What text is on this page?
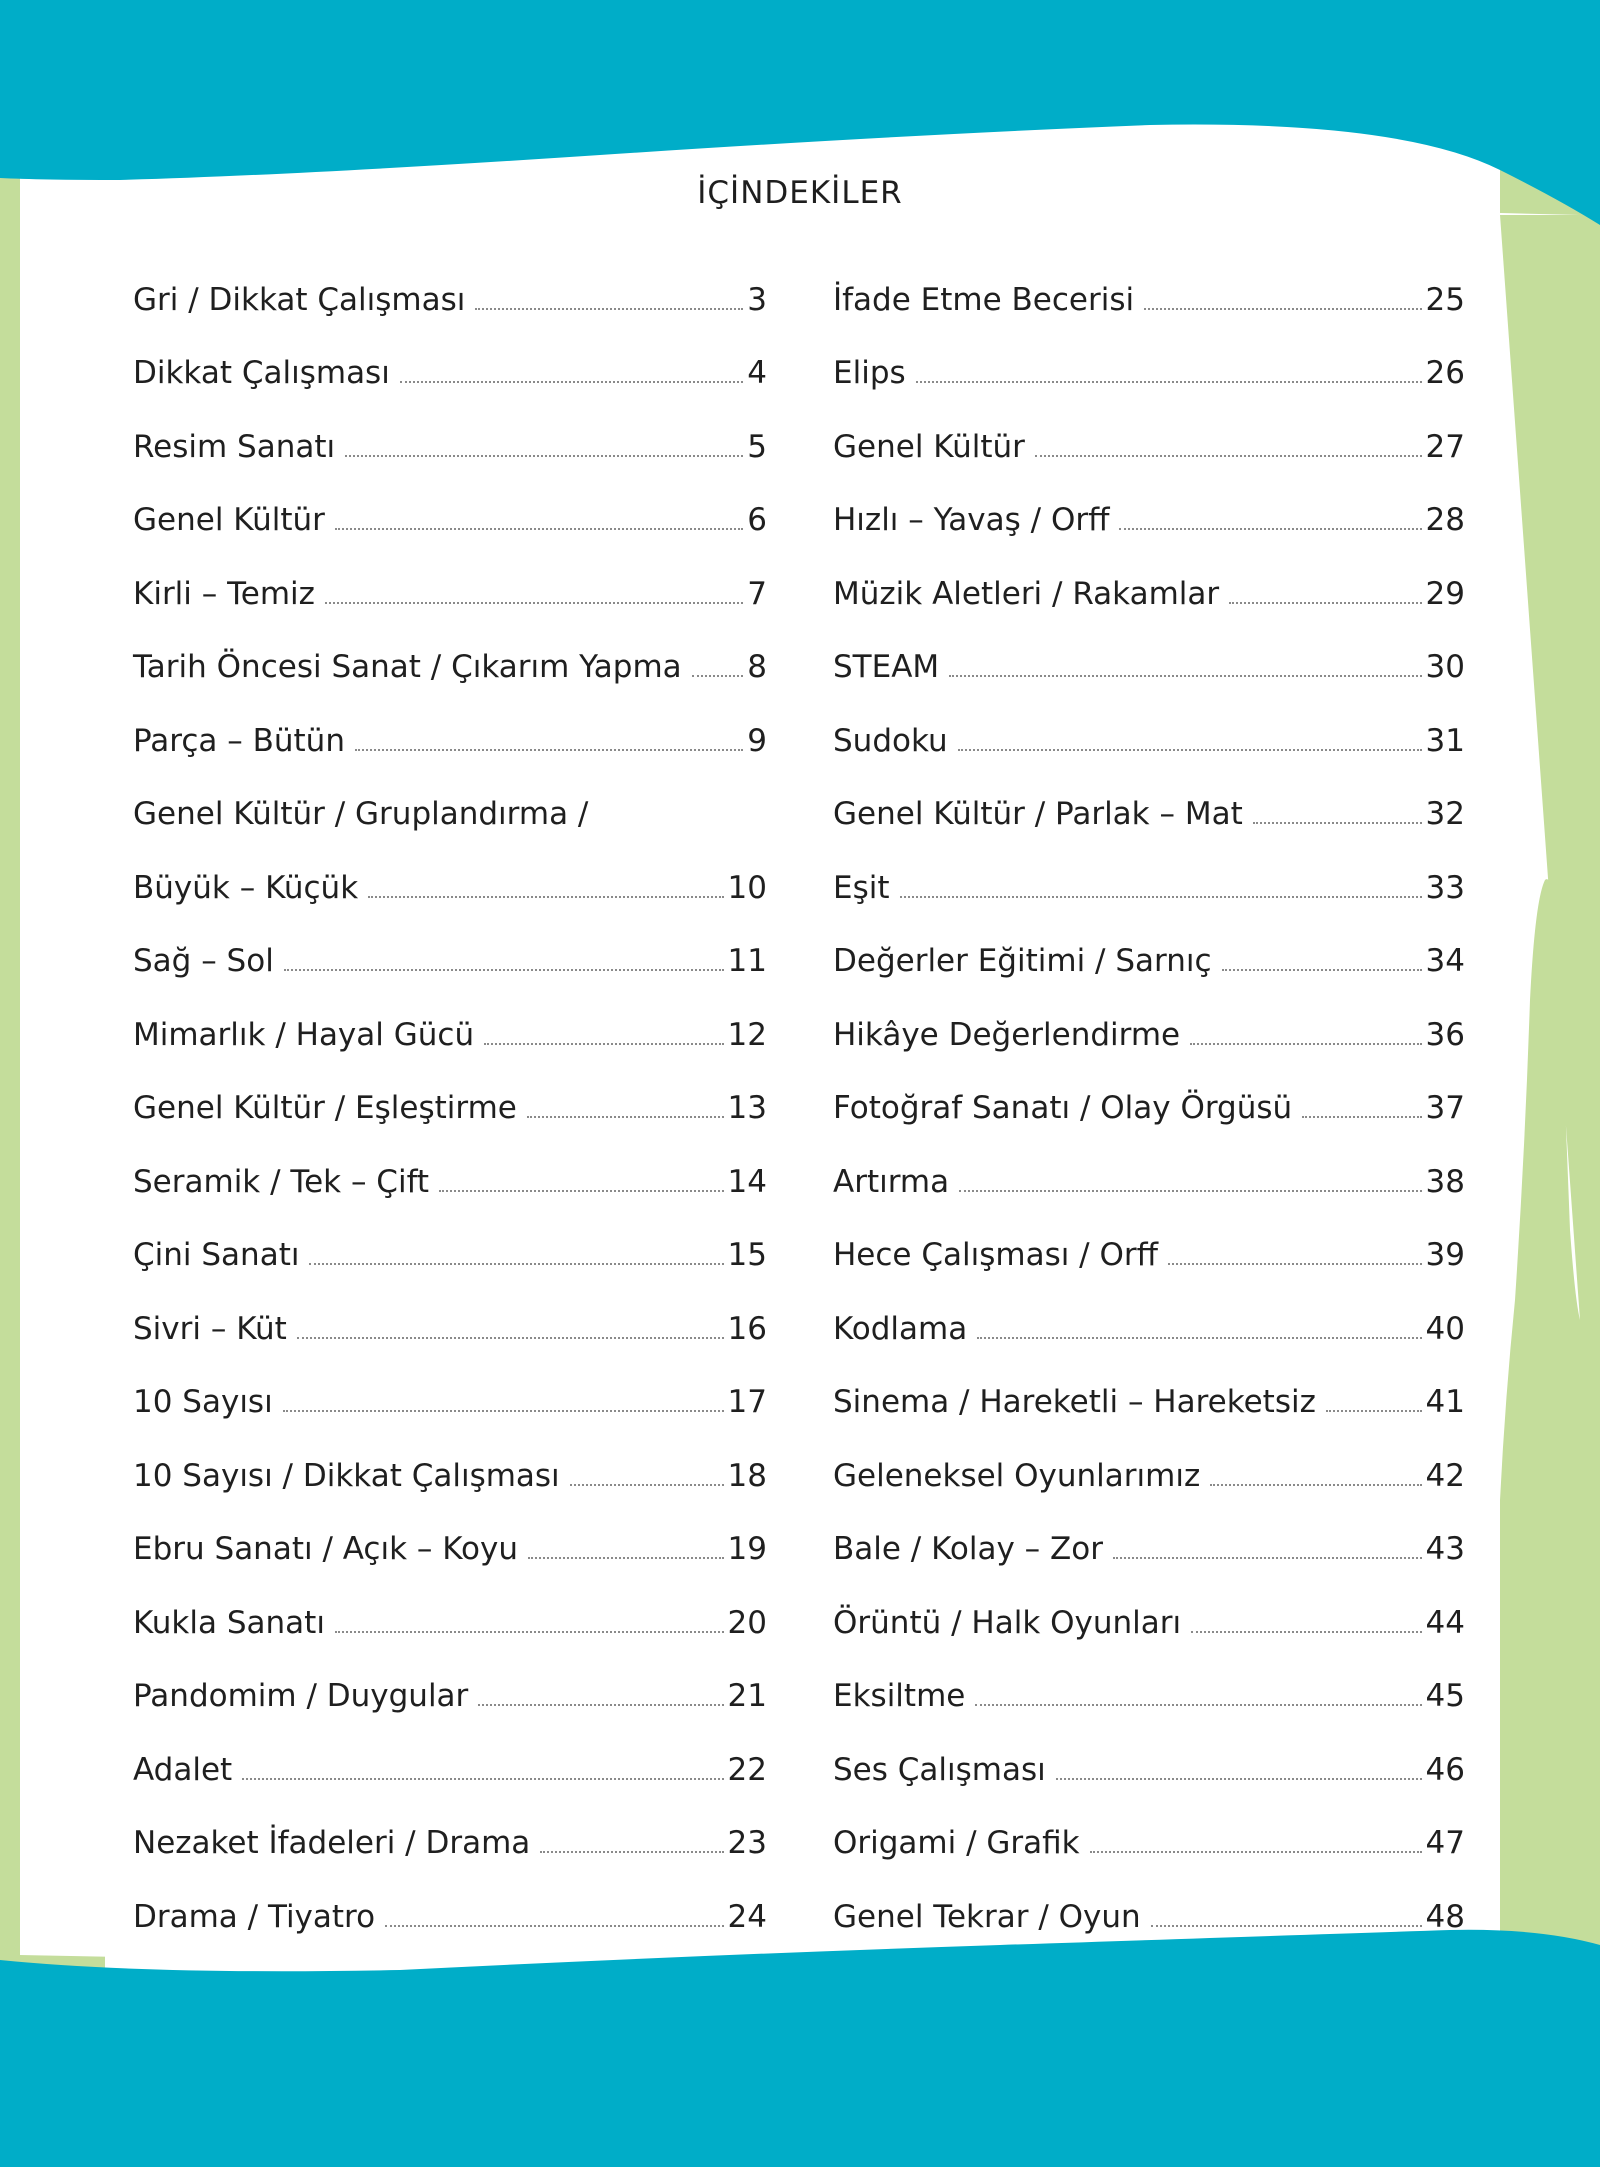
İÇİNDEKİLER
Gri / Dikkat Çalışması	3
Dikkat Çalışması	4
Resim Sanatı	5
Genel Kültür	6
Kirli – Temiz	7
Tarih Öncesi Sanat / Çıkarım Yapma 8
Parça – Bütün	9
Genel Kültür / Gruplandırma /
Büyük – Küçük	10
Sağ – Sol	11
Mimarlık / Hayal Gücü	12
Genel Kültür / Eşleştirme	13
Seramik / Tek – Çift	14
Çini Sanatı	15
Sivri – Küt	16
10 Sayısı	17
10 Sayısı / Dikkat Çalışması	18
Ebru Sanatı / Açık – Koyu	19
Kukla Sanatı	20
Pandomim / Duygular	21
Adalet	22
Nezaket İfadeleri / Drama	23
Drama / Tiyatro	24
İfade Etme Becerisi	25
Elips	26
Genel Kültür	27
Hızlı – Yavaş / Orff	28
Müzik Aletleri / Rakamlar	29
STEAM	30
Sudoku	31
Genel Kültür / Parlak – Mat	32
Eşit	33
Değerler Eğitimi / Sarnıç	34
Hikâye Değerlendirme	36
Fotoğraf Sanatı / Olay Örgüsü	37
Artırma	38
Hece Çalışması / Orff	39
Kodlama	40
Sinema / Hareketli – Hareketsiz	41
Geleneksel Oyunlarımız	42
Bale / Kolay – Zor	43
Örüntü / Halk Oyunları	44
Eksiltme	45
Ses Çalışması	46
Origami / Grafik	47
Genel Tekrar / Oyun	48
